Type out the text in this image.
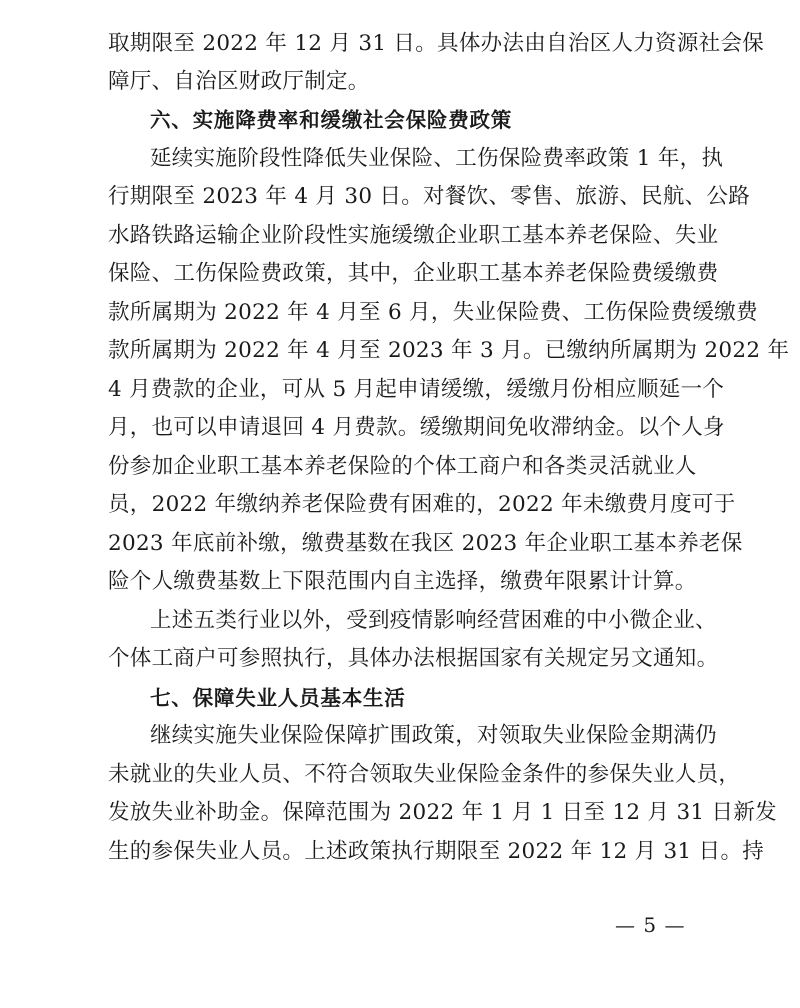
取期限至 2022 年 12 月 31 日。具体办法由自治区人力资源社会保
障厅、自治区财政厅制定。
六、实施降费率和缓缴社会保险费政策
延续实施阶段性降低失业保险、工伤保险费率政策 1 年，执
行期限至 2023 年 4 月 30 日。对餐饮、零售、旅游、民航、公路
水路铁路运输企业阶段性实施缓缴企业职工基本养老保险、失业
保险、工伤保险费政策，其中，企业职工基本养老保险费缓缴费
款所属期为 2022 年 4 月至 6 月，失业保险费、工伤保险费缓缴费
款所属期为 2022 年 4 月至 2023 年 3 月。已缴纳所属期为 2022 年
4 月费款的企业，可从 5 月起申请缓缴，缓缴月份相应顺延一个
月，也可以申请退回 4 月费款。缓缴期间免收滞纳金。以个人身
份参加企业职工基本养老保险的个体工商户和各类灵活就业人
员，2022 年缴纳养老保险费有困难的，2022 年未缴费月度可于
2023 年底前补缴，缴费基数在我区 2023 年企业职工基本养老保
险个人缴费基数上下限范围内自主选择，缴费年限累计计算。
上述五类行业以外，受到疫情影响经营困难的中小微企业、
个体工商户可参照执行，具体办法根据国家有关规定另文通知。
七、保障失业人员基本生活
继续实施失业保险保障扩围政策，对领取失业保险金期满仍
未就业的失业人员、不符合领取失业保险金条件的参保失业人员，
发放失业补助金。保障范围为 2022 年 1 月 1 日至 12 月 31 日新发
生的参保失业人员。上述政策执行期限至 2022 年 12 月 31 日。持
— 5 —
